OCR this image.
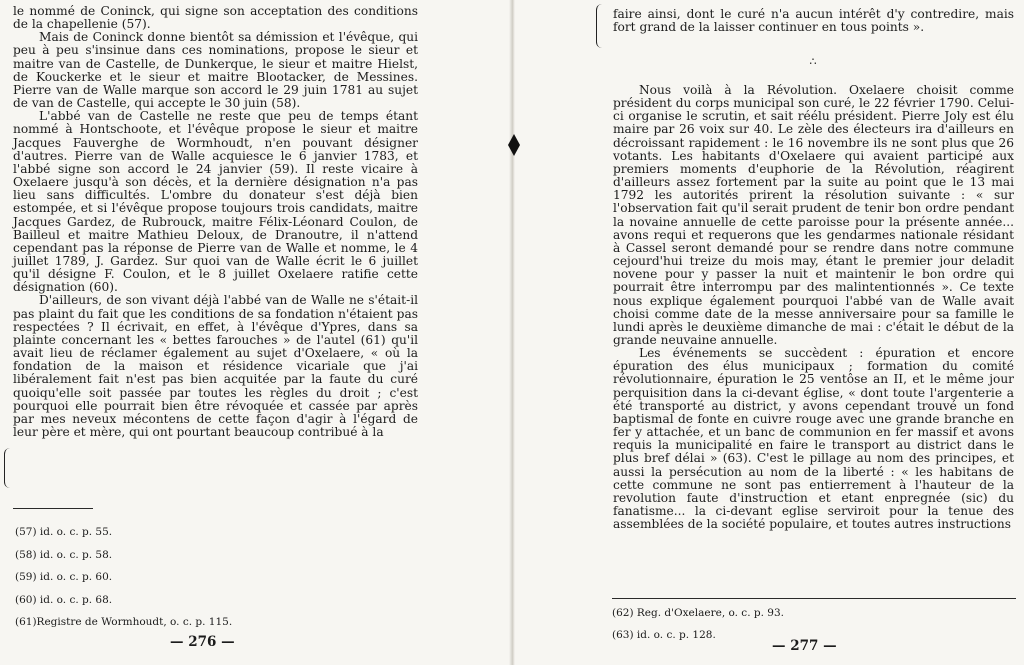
le nommé de Coninck, qui signe son acceptation des conditions de la chapellenie (57).

Mais de Coninck donne bientôt sa démission et l'évêque, qui peu à peu s'insinue dans ces nominations, propose le sieur et maitre van de Castelle, de Dunkerque, le sieur et maitre Hielst, de Kouckerke et le sieur et maitre Blootacker, de Messines. Pierre van de Walle marque son accord le 29 juin 1781 au sujet de van de Castelle, qui accepte le 30 juin (58).

L'abbé van de Castelle ne reste que peu de temps étant nommé à Hontschoote, et l'évêque propose le sieur et maitre Jacques Fauverghe de Wormhoudt, n'en pouvant désigner d'autres. Pierre van de Walle acquiesce le 6 janvier 1783, et l'abbé signe son accord le 24 janvier (59). Il reste vicaire à Oxelaere jusqu'à son décès, et la dernière désignation n'a pas lieu sans difficultés. L'ombre du donateur s'est déjà bien estompée, et si l'évêque propose toujours trois candidats, maitre Jacques Gardez, de Rubrouck, maitre Félix-Léonard Coulon, de Bailleul et maitre Mathieu Deloux, de Dranoutre, il n'attend cependant pas la réponse de Pierre van de Walle et nomme, le 4 juillet 1789, J. Gardez. Sur quoi van de Walle écrit le 6 juillet qu'il désigne F. Coulon, et le 8 juillet Oxelaere ratifie cette désignation (60).

D'ailleurs, de son vivant déjà l'abbé van de Walle ne s'était-il pas plaint du fait que les conditions de sa fondation n'étaient pas respectées ? Il écrivait, en effet, à l'évêque d'Ypres, dans sa plainte concernant les « bettes farouches » de l'autel (61) qu'il avait lieu de réclamer également au sujet d'Oxelaere, « où la fondation de la maison et résidence vicariale que j'ai libéralement fait n'est pas bien acquitée par la faute du curé quoiqu'elle soit passée par toutes les règles du droit ; c'est pourquoi elle pourrait bien être révoquée et cassée par après par mes neveux mécontens de cette façon d'agir à l'égard de leur père et mère, qui ont pourtant beaucoup contribué à la

(57) id. o. c. p. 55.
(58) id. o. c. p. 58.
(59) id. o. c. p. 60.
(60) id. o. c. p. 68.
(61)Registre de Wormhoudt, o. c. p. 115.

— 276 —

faire ainsi, dont le curé n'a aucun intérêt d'y contredire, mais fort grand de la laisser continuer en tous points ».

∴

Nous voilà à la Révolution. Oxelaere choisit comme président du corps municipal son curé, le 22 février 1790. Celui-ci organise le scrutin, et sait réélu président. Pierre Joly est élu maire par 26 voix sur 40. Le zèle des électeurs ira d'ailleurs en décroissant rapidement : le 16 novembre ils ne sont plus que 26 votants. Les habitants d'Oxelaere qui avaient participé aux premiers moments d'euphorie de la Révolution, réagirent d'ailleurs assez fortement par la suite au point que le 13 mai 1792 les autorités prirent la résolution suivante : « sur l'observation fait qu'il serait prudent de tenir bon ordre pendant la novaine annuelle de cette paroisse pour la présente année... avons requi et requerons que les gendarmes nationale résidant à Cassel seront demandé pour se rendre dans notre commune cejourd'hui treize du mois may, étant le premier jour deladit novene pour y passer la nuit et maintenir le bon ordre qui pourrait être interrompu par des malintentionnés ». Ce texte nous explique également pourquoi l'abbé van de Walle avait choisi comme date de la messe anniversaire pour sa famille le lundi après le deuxième dimanche de mai : c'était le début de la grande neuvaine annuelle.

Les événements se succèdent : épuration et encore épuration des élus municipaux ; formation du comité révolutionnaire, épuration le 25 ventôse an II, et le même jour perquisition dans la ci-devant église, « dont toute l'argenterie a été transporté au district, y avons cependant trouvé un fond baptismal de fonte en cuivre rouge avec une grande branche en fer y attachée, et un banc de communion en fer massif et avons requis la municipalité en faire le transport au district dans le plus bref délai » (63). C'est le pillage au nom des principes, et aussi la persécution au nom de la liberté : « les habitans de cette commune ne sont pas entierrement à l'hauteur de la revolution faute d'instruction et etant enpregnée (sic) du fanatisme... la ci-devant eglise serviroit pour la tenue des assemblées de la société populaire, et toutes autres instructions

(62) Reg. d'Oxelaere, o. c. p. 93.
(63) id. o. c. p. 128.

— 277 —
